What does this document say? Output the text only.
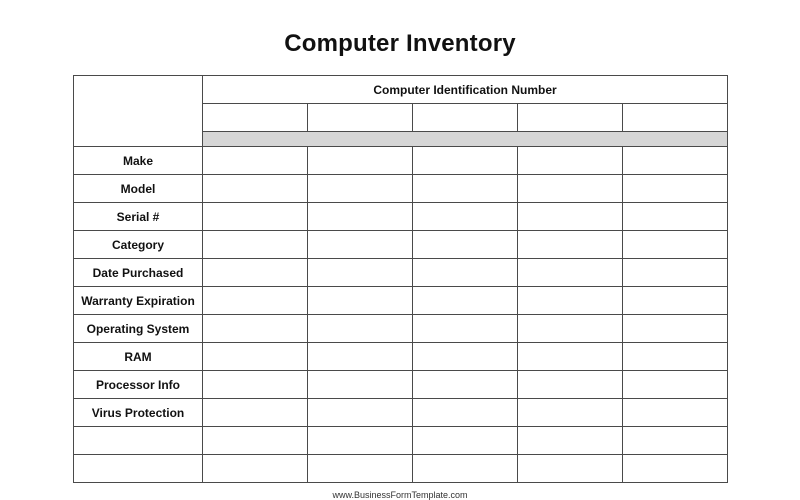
Computer Inventory
	Computer Identification Number				

Make					
Model					
Serial #					
Category					
Date Purchased					
Warranty Expiration					
Operating System					
RAM					
Processor Info					
Virus Protection					

www.BusinessFormTemplate.com
